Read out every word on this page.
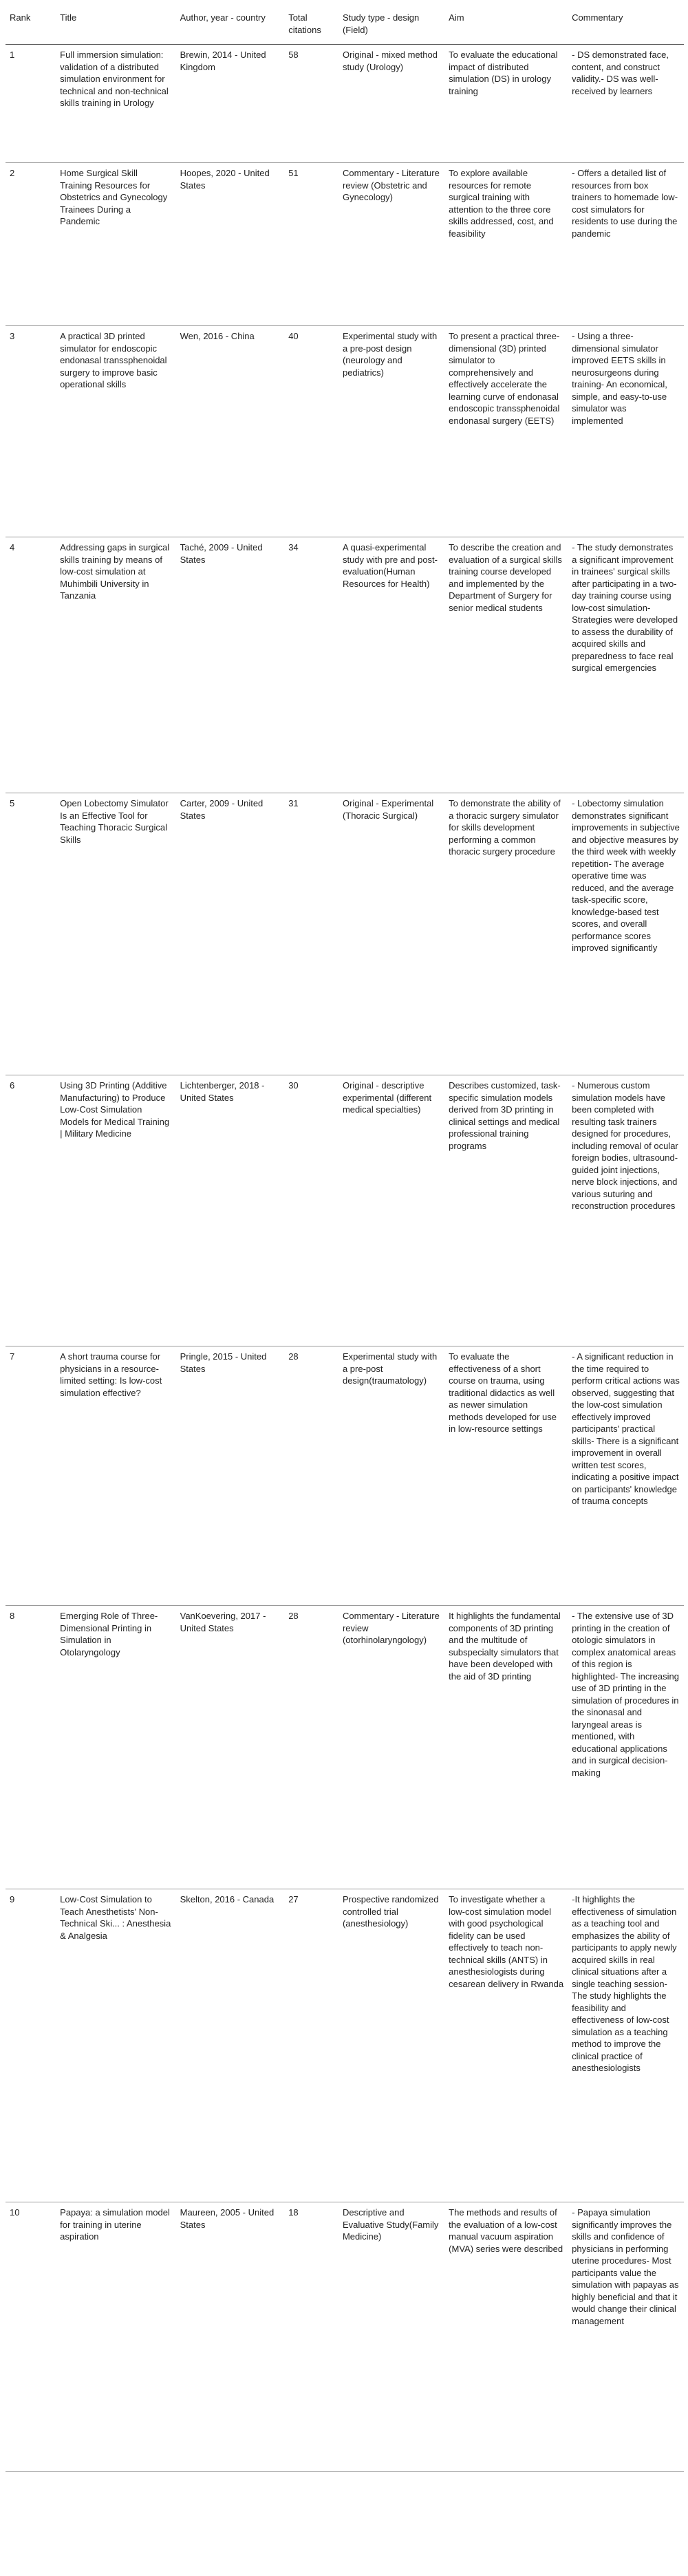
Rank	Title	Author, year - country	Total citations	Study type - design (Field)	Aim	Commentary
1	Full immersion simulation: validation of a distributed simulation environment for technical and non-technical skills training in Urology	Brewin, 2014 - United Kingdom	58	Original - mixed method study (Urology)	To evaluate the educational impact of distributed simulation (DS) in urology training	- DS demonstrated face, content, and construct validity.- DS was well-received by learners
2	Home Surgical Skill Training Resources for Obstetrics and Gynecology Trainees During a Pandemic	Hoopes, 2020 - United States	51	Commentary - Literature review (Obstetric and Gynecology)	To explore available resources for remote surgical training with attention to the three core skills addressed, cost, and feasibility	- Offers a detailed list of resources from box trainers to homemade low-cost simulators for residents to use during the pandemic
3	A practical 3D printed simulator for endoscopic endonasal transsphenoidal surgery to improve basic operational skills	Wen, 2016 - China	40	Experimental study with a pre-post design (neurology and pediatrics)	To present a practical three-dimensional (3D) printed simulator to comprehensively and effectively accelerate the learning curve of endonasal endoscopic transsphenoidal endonasal surgery (EETS)	- Using a three-dimensional simulator improved EETS skills in neurosurgeons during training- An economical, simple, and easy-to-use simulator was implemented
4	Addressing gaps in surgical skills training by means of low-cost simulation at Muhimbili University in Tanzania	Taché, 2009 - United States	34	A quasi-experimental study with pre and post-evaluation(Human Resources for Health)	To describe the creation and evaluation of a surgical skills training course developed and implemented by the Department of Surgery for senior medical students	- The study demonstrates a significant improvement in trainees' surgical skills after participating in a two-day training course using low-cost simulation- Strategies were developed to assess the durability of acquired skills and preparedness to face real surgical emergencies
5	Open Lobectomy Simulator Is an Effective Tool for Teaching Thoracic Surgical Skills	Carter, 2009 - United States	31	Original - Experimental (Thoracic Surgical)	To demonstrate the ability of a thoracic surgery simulator for skills development performing a common thoracic surgery procedure	- Lobectomy simulation demonstrates significant improvements in subjective and objective measures by the third week with weekly repetition- The average operative time was reduced, and the average task-specific score, knowledge-based test scores, and overall performance scores improved significantly
6	Using 3D Printing (Additive Manufacturing) to Produce Low-Cost Simulation Models for Medical Training | Military Medicine	Lichtenberger, 2018 - United States	30	Original - descriptive experimental (different medical specialties)	Describes customized, task-specific simulation models derived from 3D printing in clinical settings and medical professional training programs	- Numerous custom simulation models have been completed with resulting task trainers designed for procedures, including removal of ocular foreign bodies, ultrasound-guided joint injections, nerve block injections, and various suturing and reconstruction procedures
7	A short trauma course for physicians in a resource-limited setting: Is low-cost simulation effective?	Pringle, 2015 - United States	28	Experimental study with a pre-post design(traumatology)	To evaluate the effectiveness of a short course on trauma, using traditional didactics as well as newer simulation methods developed for use in low-resource settings	- A significant reduction in the time required to perform critical actions was observed, suggesting that the low-cost simulation effectively improved participants' practical skills- There is a significant improvement in overall written test scores, indicating a positive impact on participants' knowledge of trauma concepts
8	Emerging Role of Three-Dimensional Printing in Simulation in Otolaryngology	VanKoevering, 2017 - United States	28	Commentary - Literature review (otorhinolaryngology)	It highlights the fundamental components of 3D printing and the multitude of subspecialty simulators that have been developed with the aid of 3D printing	- The extensive use of 3D printing in the creation of otologic simulators in complex anatomical areas of this region is highlighted- The increasing use of 3D printing in the simulation of procedures in the sinonasal and laryngeal areas is mentioned, with educational applications and in surgical decision-making
9	Low-Cost Simulation to Teach Anesthetists' Non-Technical Ski... : Anesthesia & Analgesia	Skelton, 2016 - Canada	27	Prospective randomized controlled trial (anesthesiology)	To investigate whether a low-cost simulation model with good psychological fidelity can be used effectively to teach non-technical skills (ANTS) in anesthesiologists during cesarean delivery in Rwanda	-It highlights the effectiveness of simulation as a teaching tool and emphasizes the ability of participants to apply newly acquired skills in real clinical situations after a single teaching session- The study highlights the feasibility and effectiveness of low-cost simulation as a teaching method to improve the clinical practice of anesthesiologists
10	Papaya: a simulation model for training in uterine aspiration	Maureen, 2005 - United States	18	Descriptive and Evaluative Study(Family Medicine)	The methods and results of the evaluation of a low-cost manual vacuum aspiration (MVA) series were described	- Papaya simulation significantly improves the skills and confidence of physicians in performing uterine procedures- Most participants value the simulation with papayas as highly beneficial and that it would change their clinical management
